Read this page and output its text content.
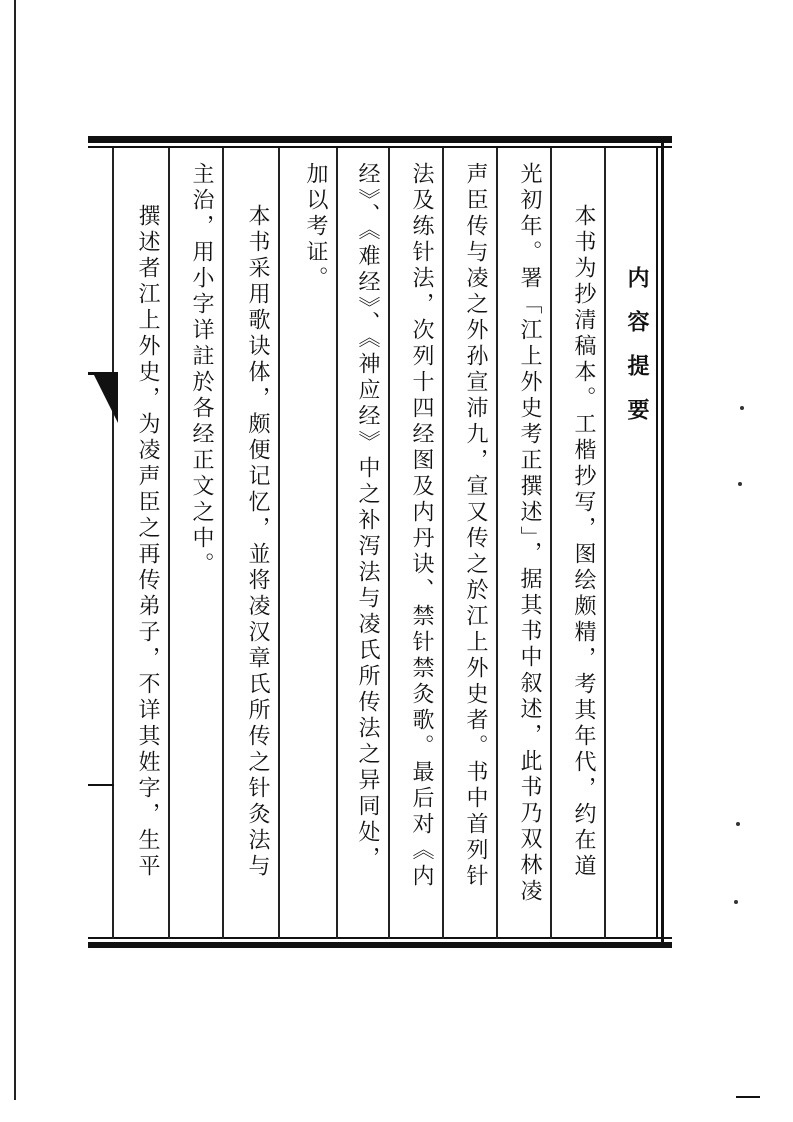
内容提要
本书为抄清稿本。工楷抄写，图绘颇精，考其年代，约在道
光初年。署「江上外史考正撰述」，据其书中叙述，此书乃双林凌
声臣传与凌之外孙宣沛九，宣又传之於江上外史者。书中首列针
法及练针法，次列十四经图及内丹诀、禁针禁灸歌。最后对《内
经》、《难经》、《神应经》中之补泻法与凌氏所传法之异同处，
加以考证。
本书采用歌诀体，颇便记忆，並将凌汉章氏所传之针灸法与
主治，用小字详註於各经正文之中。
撰述者江上外史，为凌声臣之再传弟子，不详其姓字，生平
